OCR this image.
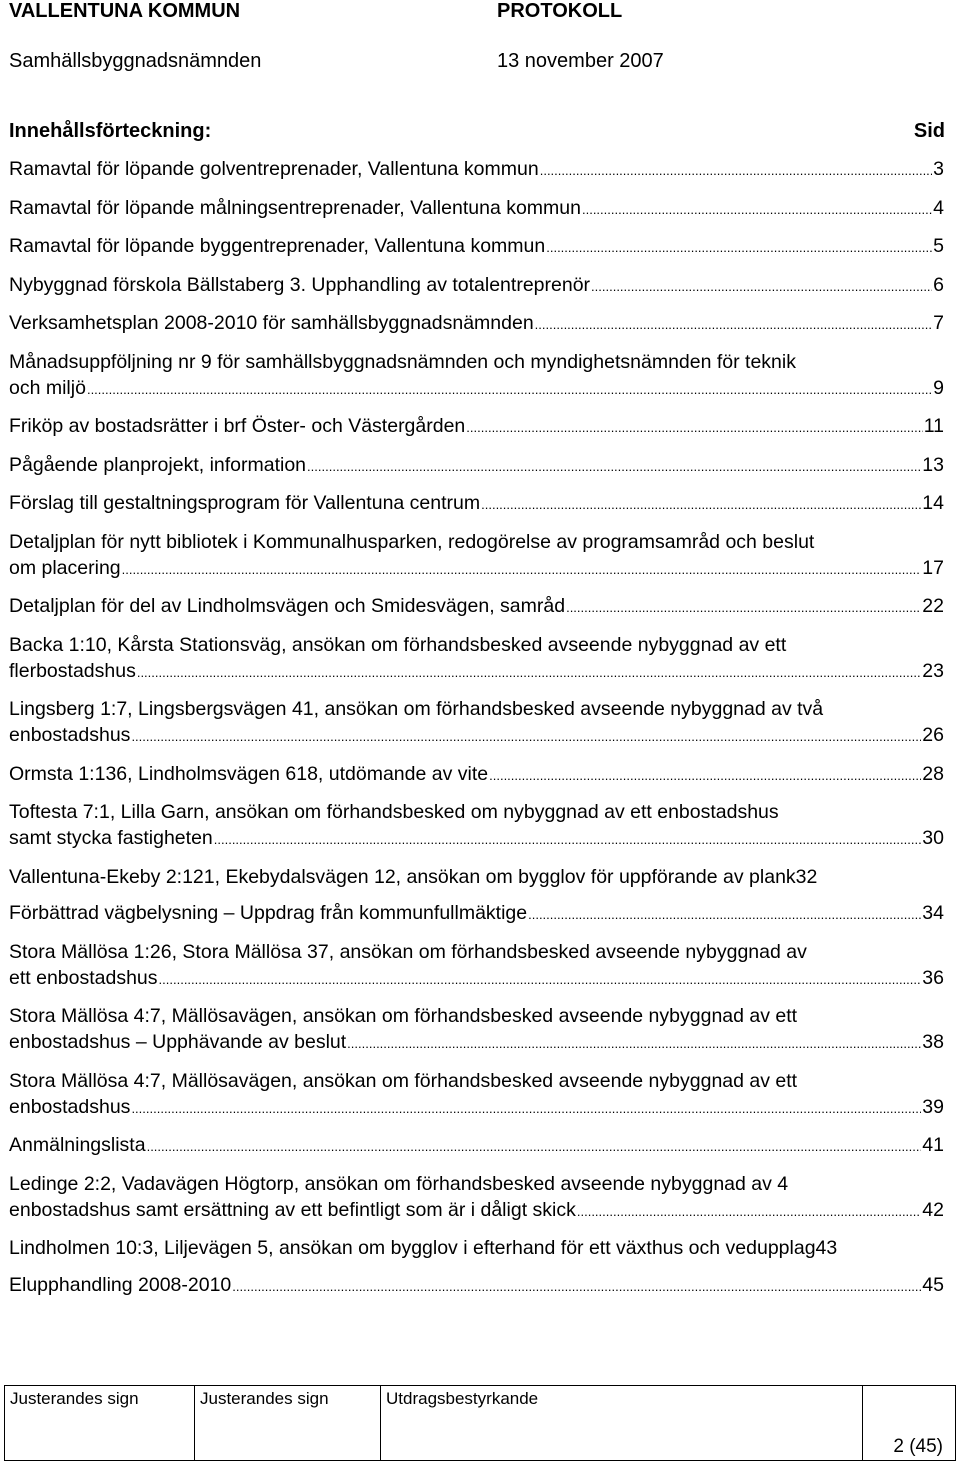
VALLENTUNA KOMMUN	PROTOKOLL
Samhällsbyggnadsnämnden	13 november 2007
Innehållsförteckning:	Sid
Ramavtal för löpande golventreprenader, Vallentuna kommun .....	3
Ramavtal för löpande målningsentreprenader, Vallentuna kommun .....	4
Ramavtal för löpande byggentreprenader, Vallentuna kommun .....	5
Nybyggnad förskola Bällstaberg 3. Upphandling av totalentreprenör .....	6
Verksamhetsplan 2008-2010 för samhällsbyggnadsnämnden .....	7
Månadsuppföljning nr 9 för samhällsbyggnadsnämnden och myndighetsnämnden för teknik
och miljö .....	9
Friköp av bostadsrätter i brf Öster- och Västergården .....	11
Pågående planprojekt, information .....	13
Förslag till gestaltningsprogram för Vallentuna centrum .....	14
Detaljplan för nytt bibliotek i Kommunalhusparken, redogörelse av programsamråd och beslut
om placering .....	17
Detaljplan för del av Lindholmsvägen och Smidesvägen, samråd .....	22
Backa 1:10, Kårsta Stationsväg, ansökan om förhandsbesked avseende nybyggnad av ett
flerbostadshus .....	23
Lingsberg 1:7, Lingsbergsvägen 41, ansökan om förhandsbesked avseende nybyggnad av två
enbostadshus .....	26
Ormsta 1:136, Lindholmsvägen 618, utdömande av vite .....	28
Toftesta 7:1, Lilla Garn, ansökan om förhandsbesked om nybyggnad av ett enbostadshus
samt stycka fastigheten .....	30
Vallentuna-Ekeby 2:121, Ekebydalsvägen 12, ansökan om bygglov för uppförande av plank 32
Förbättrad vägbelysning – Uppdrag från kommunfullmäktige .....	34
Stora Mällösa 1:26, Stora Mällösa 37, ansökan om förhandsbesked avseende nybyggnad av
ett enbostadshus .....	36
Stora Mällösa 4:7, Mällösavägen, ansökan om förhandsbesked avseende nybyggnad av ett
enbostadshus – Upphävande av beslut .....	38
Stora Mällösa 4:7, Mällösavägen, ansökan om förhandsbesked avseende nybyggnad av ett
enbostadshus .....	39
Anmälningslista .....	41
Ledinge 2:2, Vadavägen Högtorp, ansökan om förhandsbesked avseende nybyggnad av 4
enbostadshus samt ersättning av ett befintligt som är i dåligt skick .....	42
Lindholmen 10:3, Liljevägen 5, ansökan om bygglov i efterhand för ett växthus och vedupplag 43
Elupphandling 2008-2010 .....	45
Justerandes sign	Justerandes sign	Utdragsbestyrkande
2 (45)
